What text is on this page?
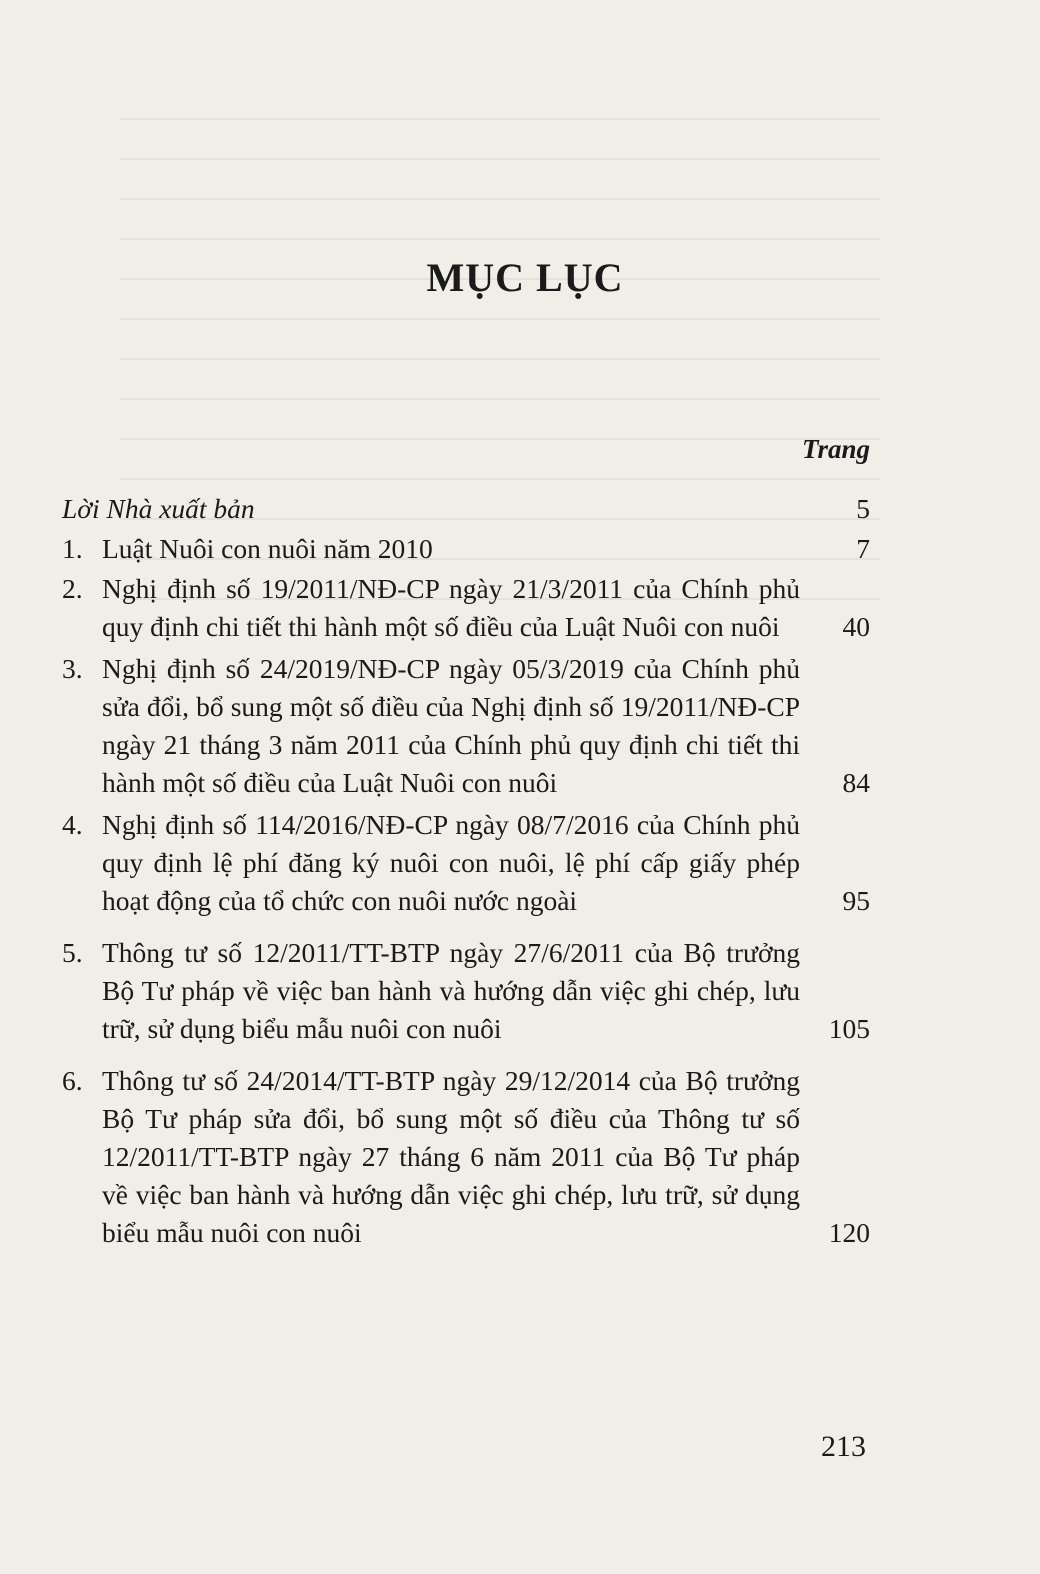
MỤC LỤC
Trang
Lời Nhà xuất bản	5
1. Luật Nuôi con nuôi năm 2010	7
2. Nghị định số 19/2011/NĐ-CP ngày 21/3/2011 của Chính phủ quy định chi tiết thi hành một số điều của Luật Nuôi con nuôi	40
3. Nghị định số 24/2019/NĐ-CP ngày 05/3/2019 của Chính phủ sửa đổi, bổ sung một số điều của Nghị định số 19/2011/NĐ-CP ngày 21 tháng 3 năm 2011 của Chính phủ quy định chi tiết thi hành một số điều của Luật Nuôi con nuôi	84
4. Nghị định số 114/2016/NĐ-CP ngày 08/7/2016 của Chính phủ quy định lệ phí đăng ký nuôi con nuôi, lệ phí cấp giấy phép hoạt động của tổ chức con nuôi nước ngoài	95
5. Thông tư số 12/2011/TT-BTP ngày 27/6/2011 của Bộ trưởng Bộ Tư pháp về việc ban hành và hướng dẫn việc ghi chép, lưu trữ, sử dụng biểu mẫu nuôi con nuôi	105
6. Thông tư số 24/2014/TT-BTP ngày 29/12/2014 của Bộ trưởng Bộ Tư pháp sửa đổi, bổ sung một số điều của Thông tư số 12/2011/TT-BTP ngày 27 tháng 6 năm 2011 của Bộ Tư pháp về việc ban hành và hướng dẫn việc ghi chép, lưu trữ, sử dụng biểu mẫu nuôi con nuôi	120
213
